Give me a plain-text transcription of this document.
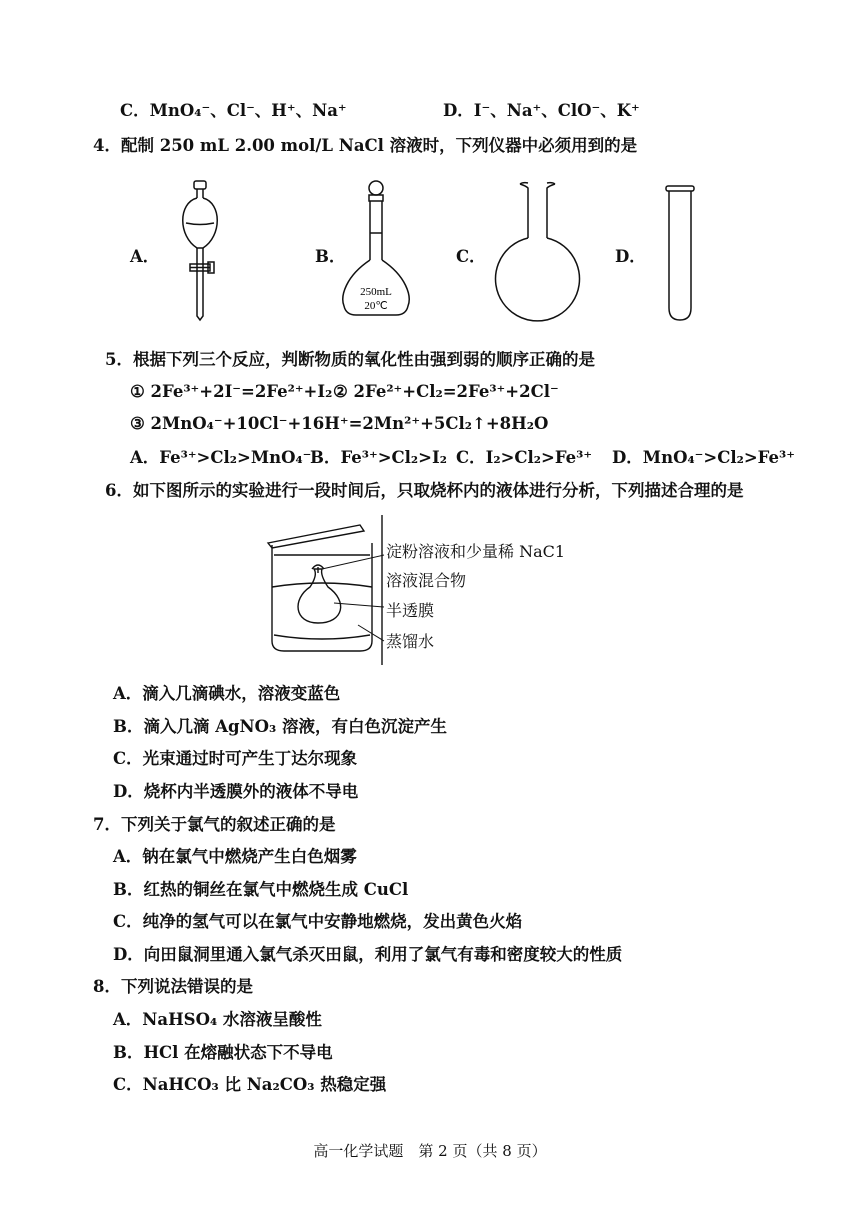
C．MnO₄⁻、Cl⁻、H⁺、Na⁺	D．I⁻、Na⁺、ClO⁻、K⁺
4．配制 250 mL 2.00 mol/L NaCl 溶液时，下列仪器中必须用到的是
A．	B．	C．	D．
250mL
20℃
5．根据下列三个反应，判断物质的氧化性由强到弱的顺序正确的是
① 2Fe³⁺+2I⁻=2Fe²⁺+I₂ ② 2Fe²⁺+Cl₂=2Fe³⁺+2Cl⁻
③ 2MnO₄⁻+10Cl⁻+16H⁺=2Mn²⁺+5Cl₂↑+8H₂O
A．Fe³⁺>Cl₂>MnO₄⁻
B．Fe³⁺>Cl₂>I₂ C．I₂>Cl₂>Fe³⁺ D．MnO₄⁻>Cl₂>Fe³⁺
6．如下图所示的实验进行一段时间后，只取烧杯内的液体进行分析，下列描述合理的是
淀粉溶液和少量稀 NaC1
溶液混合物
半透膜
蒸馏水
A．滴入几滴碘水，溶液变蓝色
B．滴入几滴 AgNO₃ 溶液，有白色沉淀产生
C．光束通过时可产生丁达尔现象
D．烧杯内半透膜外的液体不导电
7．下列关于氯气的叙述正确的是
A．钠在氯气中燃烧产生白色烟雾
B．红热的铜丝在氯气中燃烧生成 CuCl
C．纯净的氢气可以在氯气中安静地燃烧，发出黄色火焰
D．向田鼠洞里通入氯气杀灭田鼠，利用了氯气有毒和密度较大的性质
8．下列说法错误的是
A．NaHSO₄ 水溶液呈酸性
B．HCl 在熔融状态下不导电
C．NaHCO₃ 比 Na₂CO₃ 热稳定强
高一化学试题　第 2 页（共 8 页）
